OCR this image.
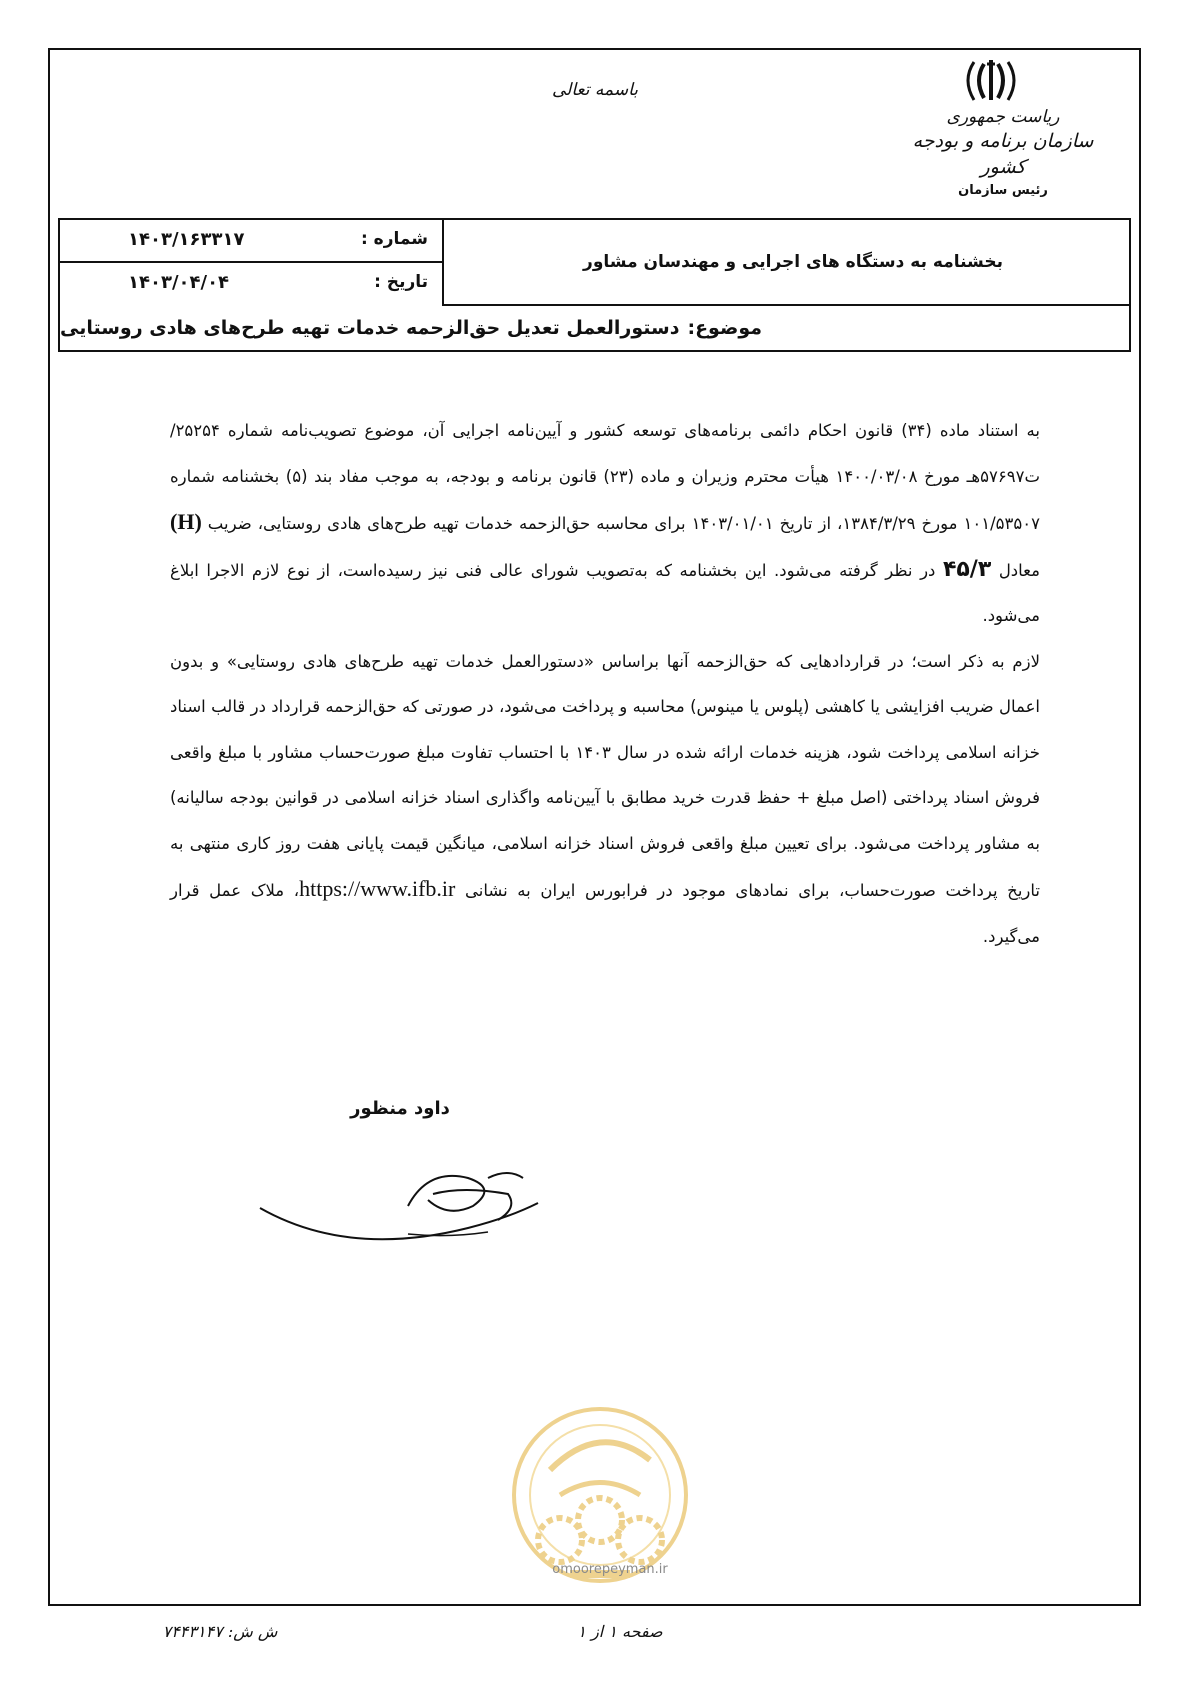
ریاست جمهوری
سازمان برنامه و بودجه کشور
رئیس سازمان
باسمه تعالی
۱۴۰۳/۱۶۳۳۱۷	شماره :
۱۴۰۳/۰۴/۰۴	تاریخ :
بخشنامه به دستگاه های اجرایی و مهندسان مشاور
موضوع:
دستورالعمل تعدیل حق‌الزحمه خدمات تهیه طرح‌های هادی روستایی

به استناد ماده (۳۴) قانون احکام دائمی برنامه‌های توسعه کشور و آیین‌نامه اجرایی آن، موضوع تصویب‌نامه شماره ۲۵۲۵۴/ت۵۷۶۹۷هـ مورخ ۱۴۰۰/۰۳/۰۸ هیأت محترم وزیران و ماده (۲۳) قانون برنامه و بودجه، به موجب مفاد بند (۵) بخشنامه شماره ۱۰۱/۵۳۵۰۷ مورخ ۱۳۸۴/۳/۲۹، از تاریخ ۱۴۰۳/۰۱/۰۱ برای محاسبه حق‌الزحمه خدمات تهیه طرح‌های هادی روستایی، ضریب (H) معادل ۴۵/۳ در نظر گرفته می‌شود. این بخشنامه که به‌تصویب شورای عالی فنی نیز رسیده‌است، از نوع لازم الاجرا ابلاغ می‌شود.

لازم به ذکر است؛ در قراردادهایی که حق‌الزحمه آنها براساس «دستورالعمل خدمات تهیه طرح‌های هادی روستایی» و بدون اعمال ضریب افزایشی یا کاهشی (پلوس یا مینوس) محاسبه و پرداخت می‌شود، در صورتی که حق‌الزحمه قرارداد در قالب اسناد خزانه اسلامی پرداخت شود، هزینه خدمات ارائه شده در سال ۱۴۰۳ با احتساب تفاوت مبلغ صورت‌حساب مشاور با مبلغ واقعی فروش اسناد پرداختی (اصل مبلغ + حفظ قدرت خرید مطابق با آیین‌نامه واگذاری اسناد خزانه اسلامی در قوانین بودجه سالیانه) به مشاور پرداخت می‌شود. برای تعیین مبلغ واقعی فروش اسناد خزانه اسلامی، میانگین قیمت پایانی هفت روز کاری منتهی به تاریخ پرداخت صورت‌حساب، برای نمادهای موجود در فرابورس ایران به نشانی https://www.ifb.ir، ملاک عمل قرار می‌گیرد.

داود منظور
omoorepeyman.ir
ش ش: ۷۴۴۳۱۴۷	صفحه ۱ از ۱
